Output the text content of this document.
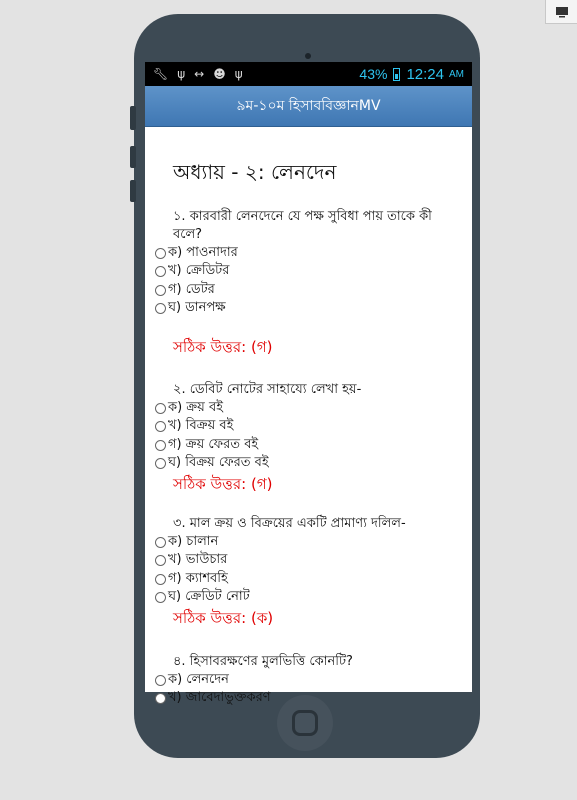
🔧︎ ψ ↔ ☻ ψ	43% 12:24 AM
৯ম-১০ম হিসাববিজ্ঞানMV
অধ্যায় - ২: লেনদেন
১. কারবারী লেনদেনে যে পক্ষ সুবিধা পায় তাকে কী বলে?
ক) পাওনাদার
খ) ক্রেডিটর
গ) ডেটর
ঘ) ডানপক্ষ
সঠিক উত্তর: (গ)
২. ডেবিট নোটের সাহায্যে লেখা হয়-
ক) ক্রয় বই
খ) বিক্রয় বই
গ) ক্রয় ফেরত বই
ঘ) বিক্রয় ফেরত বই
সঠিক উত্তর: (গ)
৩. মাল ক্রয় ও বিক্রয়ের একটি প্রামাণ্য দলিল-
ক) চালান
খ) ভাউচার
গ) ক্যাশবহি
ঘ) ক্রেডিট নোট
সঠিক উত্তর: (ক)
৪. হিসাবরক্ষণের মুলভিত্তি কোনটি?
ক) লেনদেন
খ) জাবেদাভুক্তকরণ
